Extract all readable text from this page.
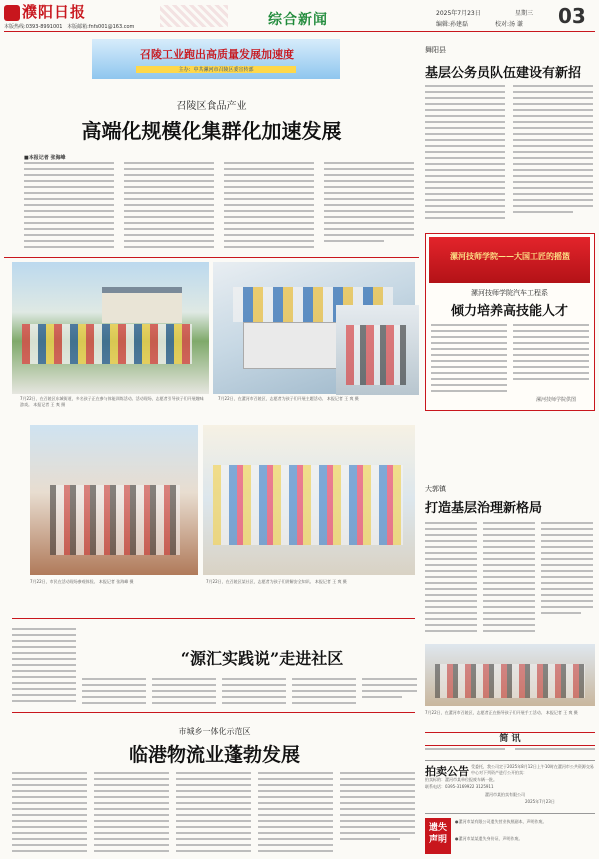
濮阳日报
本版热线:0393-8991001 本版邮箱:fnfs001@163.com	综合新闻	2025年7月23日	星期三
编辑:孙建磊	校对:汤 谦 03
召陵工业跑出高质量发展加速度
主办：中共漯河市召陵区委宣传部
召陵区食品产业
高端化规模化集群化加速发展
■本报记者 张海峰
舞阳县
基层公务员队伍建设有新招
漯河技师学院——大国工匠的摇篮
漯河技师学院汽车工程系
倾力培养高技能人才
漯河技师学院供图
大郭镇
打造基层治理新格局
7月22日，在召陵区东城街道，多名孩子正在参与体能训练活动。活动现场，志愿者引导孩子们开展趣味游戏。 本报记者 王 爽 摄
7月22日，在漯河市召陵区，志愿者为孩子们开展主题活动。 本报记者 王 爽 摄
7月22日，市民在活动现场参观体验。 本报记者 张海峰 摄	7月22日，在召陵区某社区，志愿者为孩子们讲解安全知识。 本报记者 王 爽 摄
“源汇实践说”走进社区
市城乡一体化示范区
临港物流业蓬勃发展
7月22日，在漯河市召陵区，志愿者正在指导孩子们开展手工活动。 本报记者 王 爽 摄
简 讯
拍卖公告 受委托，我公司定于2025年8月12日上午10时在漯河市公共资源交易中心对下列资产进行公开拍卖：
拍卖标的：漯河市某单位报废车辆一批。
联系电话：0395-3169922 3125911
漯河市某拍卖有限公司
2025年7月23日
遗失声明
●漯河市某有限公司遗失营业执照副本，声明作废。
●漯河市某某遗失身份证，声明作废。
